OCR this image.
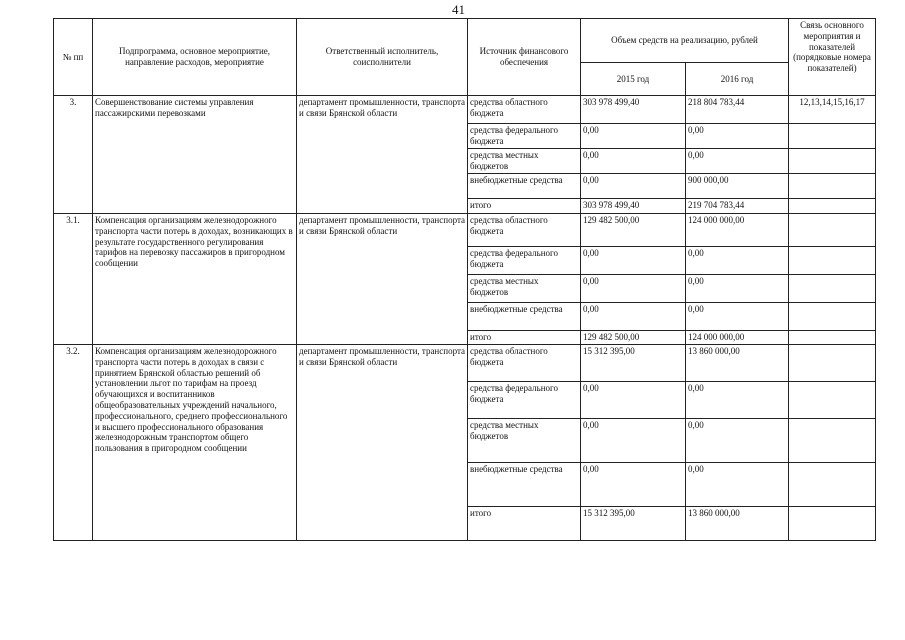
41
№ пп	Подпрограмма, основное мероприятие, направление расходов, мероприятие	Ответственный исполнитель, соисполнители	Источник финансового обеспечения	Объем средств на реализацию, рублей		Связь основного мероприятия и показателей (порядковые номера показателей)
				2015 год	2016 год	
3.	Совершенствование системы управления пассажирскими перевозками	департамент промышленности, транспорта и связи Брянской области	средства областного бюджета	303 978 499,40	218 804 783,44	12,13,14,15,16,17
			средства федерального бюджета	0,00	0,00	
			средства местных бюджетов	0,00	0,00	
			внебюджетные средства	0,00	900 000,00	
			итого	303 978 499,40	219 704 783,44	
3.1.	Компенсация организациям железнодорожного транспорта части потерь в доходах, возникающих в результате государственного регулирования тарифов на перевозку пассажиров в пригородном сообщении	департамент промышленности, транспорта и связи Брянской области	средства областного бюджета	129 482 500,00	124 000 000,00	
			средства федерального бюджета	0,00	0,00	
			средства местных бюджетов	0,00	0,00	
			внебюджетные средства	0,00	0,00	
			итого	129 482 500,00	124 000 000,00	
3.2.	Компенсация организациям железнодорожного транспорта части потерь в доходах в связи с принятием Брянской областью решений об установлении льгот по тарифам на проезд обучающихся и воспитанников общеобразовательных учреждений начального, профессионального, среднего профессионального и высшего профессионального образования железнодорожным транспортом общего пользования в пригородном сообщении	департамент промышленности, транспорта и связи Брянской области	средства областного бюджета	15 312 395,00	13 860 000,00	
			средства федерального бюджета	0,00	0,00	
			средства местных бюджетов	0,00	0,00	
			внебюджетные средства	0,00	0,00	
			итого	15 312 395,00	13 860 000,00	
